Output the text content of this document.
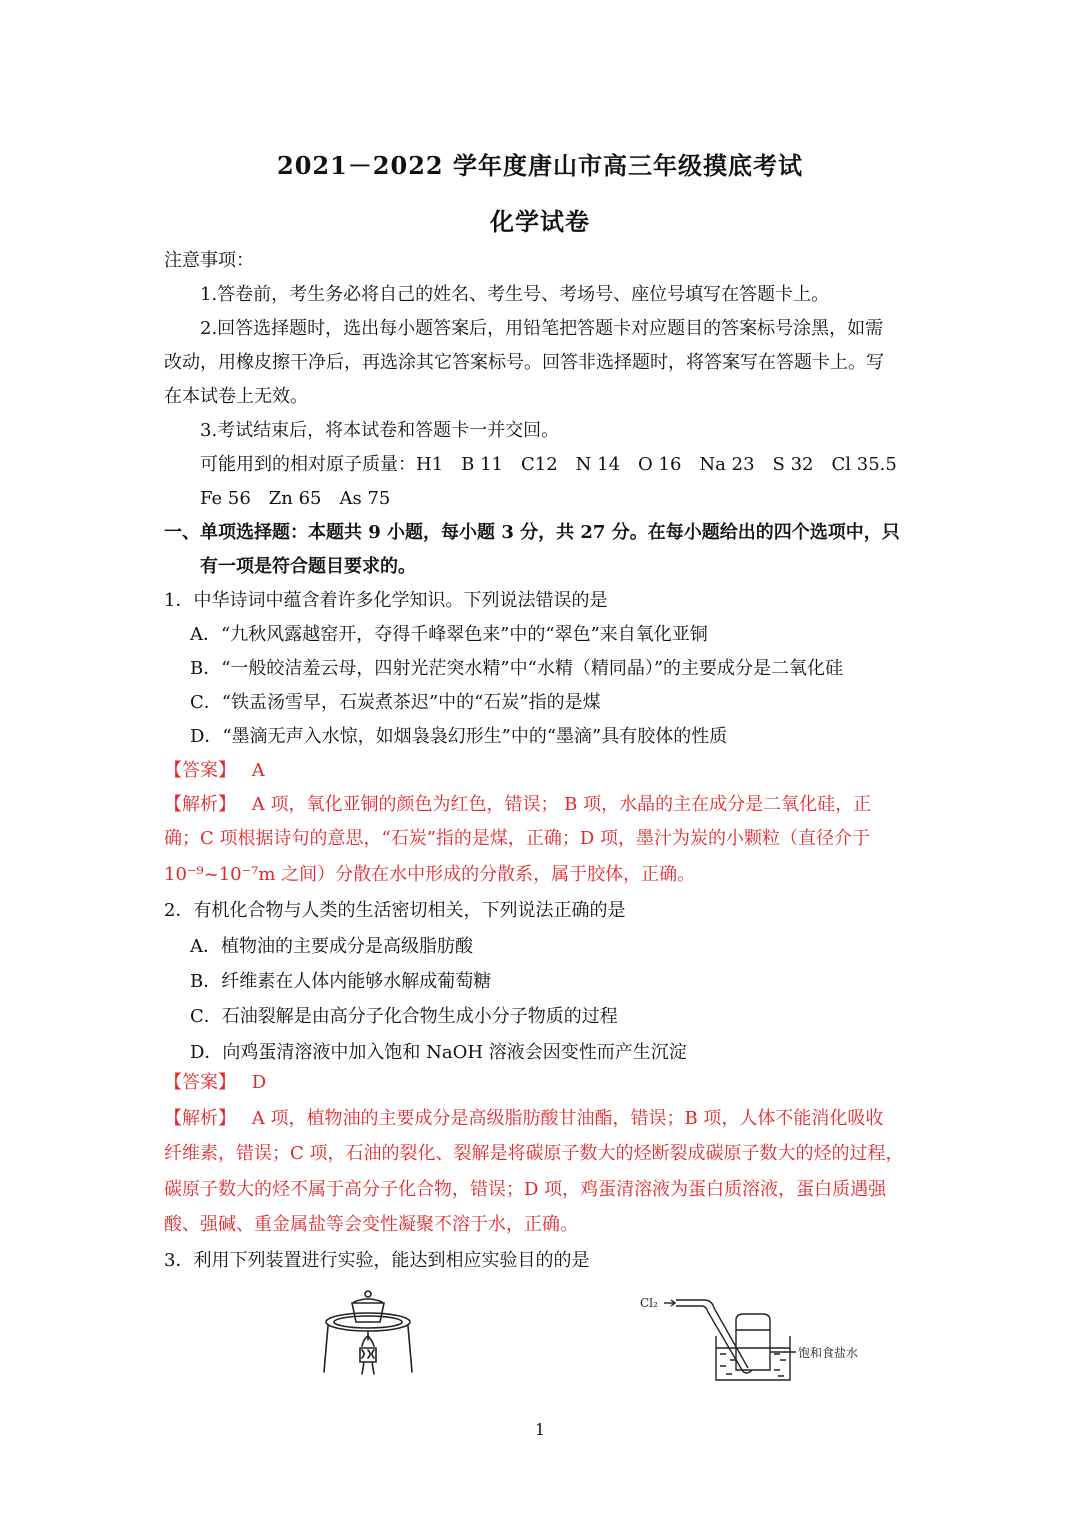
2021－2022 学年度唐山市高三年级摸底考试
化学试卷
注意事项：
1.答卷前，考生务必将自己的姓名、考生号、考场号、座位号填写在答题卡上。
2.回答选择题时，选出每小题答案后，用铅笔把答题卡对应题目的答案标号涂黑，如需
改动，用橡皮擦干净后，再选涂其它答案标号。回答非选择题时，将答案写在答题卡上。写
在本试卷上无效。
3.考试结束后，将本试卷和答题卡一并交回。
可能用到的相对原子质量：H1　B 11　C12　N 14　O 16　Na 23　S 32　Cl 35.5
Fe 56　Zn 65　As 75
一、单项选择题：本题共 9 小题，每小题 3 分，共 27 分。在每小题给出的四个选项中，只
有一项是符合题目要求的。
1．中华诗词中蕴含着许多化学知识。下列说法错误的是
A．“九秋风露越窑开，夺得千峰翠色来”中的“翠色”来自氧化亚铜
B．“一般皎洁羞云母，四射光茫突水精”中“水精（精同晶）”的主要成分是二氧化硅
C．“铁盂汤雪早，石炭煮茶迟”中的“石炭”指的是煤
D．“墨滴无声入水惊，如烟袅袅幻形生”中的“墨滴”具有胶体的性质
【答案】 A
【解析】 A 项，氧化亚铜的颜色为红色，错误； B 项，水晶的主在成分是二氧化硅，正
确；C 项根据诗句的意思，“石炭”指的是煤，正确；D 项，墨汁为炭的小颗粒（直径介于
10⁻⁹~10⁻⁷m 之间）分散在水中形成的分散系，属于胶体，正确。
2．有机化合物与人类的生活密切相关，下列说法正确的是
A．植物油的主要成分是高级脂肪酸
B．纤维素在人体内能够水解成葡萄糖
C．石油裂解是由高分子化合物生成小分子物质的过程
D．向鸡蛋清溶液中加入饱和 NaOH 溶液会因变性而产生沉淀
【答案】 D
【解析】 A 项，植物油的主要成分是高级脂肪酸甘油酯，错误；B 项，人体不能消化吸收
纤维素，错误；C 项，石油的裂化、裂解是将碳原子数大的烃断裂成碳原子数大的烃的过程，
碳原子数大的烃不属于高分子化合物，错误；D 项，鸡蛋清溶液为蛋白质溶液，蛋白质遇强
酸、强碱、重金属盐等会变性凝聚不溶于水，正确。
3．利用下列装置进行实验，能达到相应实验目的的是
Cl₂
饱和食盐水
1
